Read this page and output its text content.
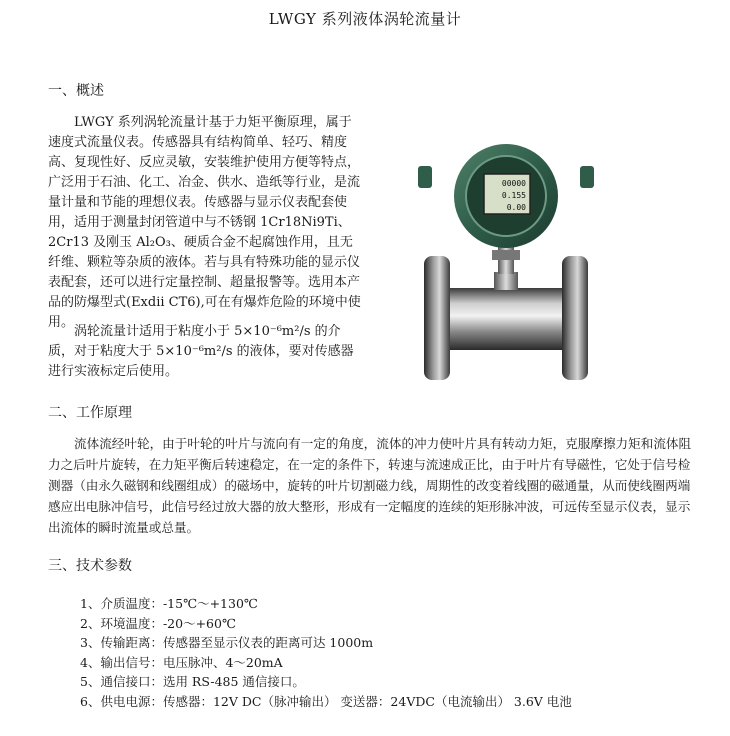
LWGY 系列液体涡轮流量计
一、概述

LWGY 系列涡轮流量计基于力矩平衡原理，属于速度式流量仪表。传感器具有结构简单、轻巧、精度高、复现性好、反应灵敏，安装维护使用方便等特点，广泛用于石油、化工、冶金、供水、造纸等行业，是流量计量和节能的理想仪表。传感器与显示仪表配套使用，适用于测量封闭管道中与不锈钢 1Cr18Ni9Ti、2Cr13 及刚玉 Al₂O₃、硬质合金不起腐蚀作用，且无纤维、颗粒等杂质的液体。若与具有特殊功能的显示仪表配套，还可以进行定量控制、超量报警等。选用本产品的防爆型式(Exdii CT6),可在有爆炸危险的环境中使用。

涡轮流量计适用于粘度小于 5×10⁻⁶m²/s 的介质，对于粘度大于 5×10⁻⁶m²/s 的液体，要对传感器进行实液标定后使用。

二、工作原理

流体流经叶轮，由于叶轮的叶片与流向有一定的角度，流体的冲力使叶片具有转动力矩，克服摩擦力矩和流体阻力之后叶片旋转，在力矩平衡后转速稳定，在一定的条件下，转速与流速成正比，由于叶片有导磁性，它处于信号检测器（由永久磁钢和线圈组成）的磁场中，旋转的叶片切割磁力线，周期性的改变着线圈的磁通量，从而使线圈两端感应出电脉冲信号，此信号经过放大器的放大整形，形成有一定幅度的连续的矩形脉冲波，可远传至显示仪表，显示出流体的瞬时流量或总量。

三、技术参数
1、介质温度：-15℃～+130℃
2、环境温度：-20～+60℃
3、传输距离：传感器至显示仪表的距离可达 1000m
4、输出信号：电压脉冲、4～20mA
5、通信接口：选用 RS-485 通信接口。
6、供电电源：传感器：12V DC（脉冲输出） 变送器：24VDC（电流输出） 3.6V 电池
00000
0.155
0.00
